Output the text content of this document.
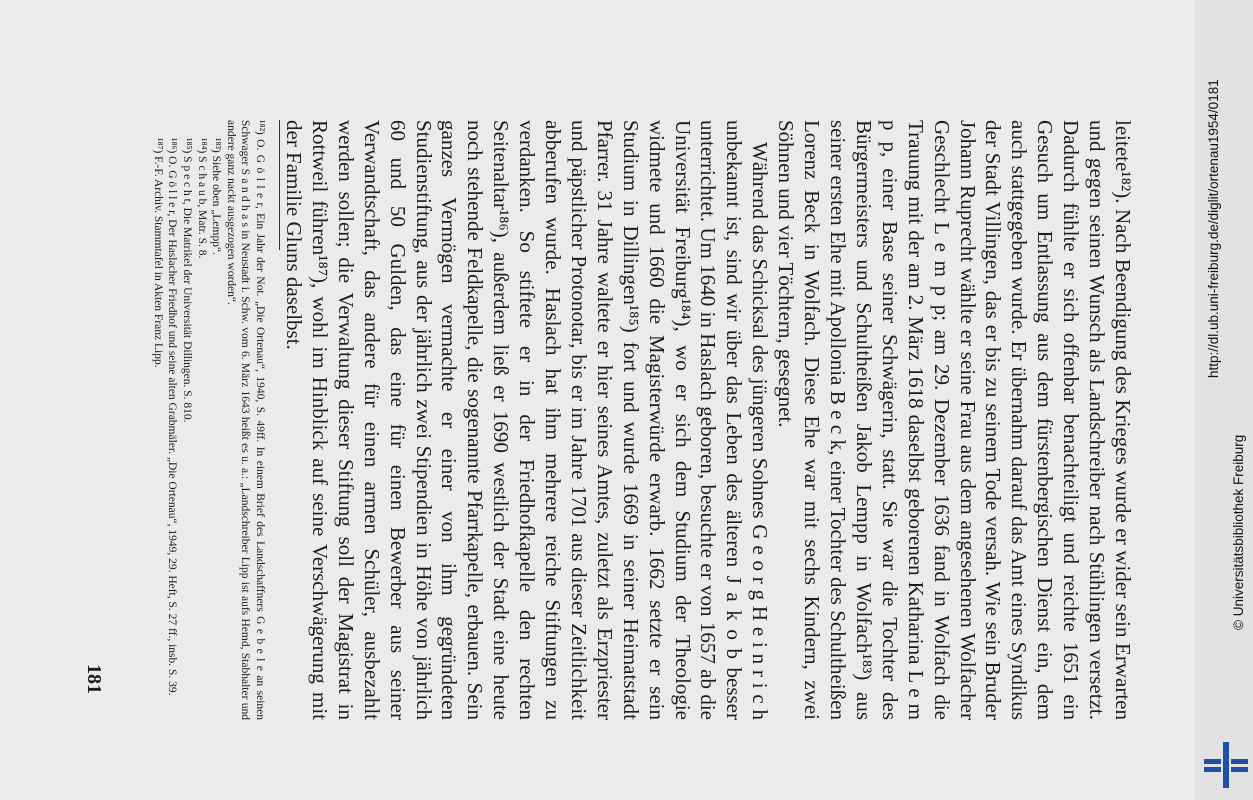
leitete¹⁸²). Nach Beendigung des Krieges wurde er wider sein Erwarten und gegen seinen Wunsch als Landschreiber nach Stühlingen versetzt. Dadurch fühlte er sich offenbar benachteiligt und reichte 1651 ein Gesuch um Entlassung aus dem fürstenbergischen Dienst ein, dem auch stattgegeben wurde. Er übernahm darauf das Amt eines Syndikus der Stadt Villingen, das er bis zu seinem Tode versah. Wie sein Bruder Johann Ruprecht wählte er seine Frau aus dem angesehenen Wolfacher Geschlecht L e m p p; am 29. Dezember 1636 fand in Wolfach die Trauung mit der am 2. März 1618 daselbst geborenen Katharina L e m p p, einer Base seiner Schwägerin, statt. Sie war die Tochter des Bürgermeisters und Schultheißen Jakob Lempp in Wolfach¹⁸³) aus seiner ersten Ehe mit Apollonia B e c k, einer Tochter des Schultheißen Lorenz Beck in Wolfach. Diese Ehe war mit sechs Kindern, zwei Söhnen und vier Töchtern, gesegnet.

Während das Schicksal des jüngeren Sohnes G e o r g H e i n r i c h unbekannt ist, sind wir über das Leben des älteren J a k o b besser unterrichtet. Um 1640 in Haslach geboren, besuchte er von 1657 ab die Universität Freiburg¹⁸⁴), wo er sich dem Studium der Theologie widmete und 1660 die Magisterwürde erwarb. 1662 setzte er sein Studium in Dillingen¹⁸⁵) fort und wurde 1669 in seiner Heimatstadt Pfarrer. 31 Jahre waltete er hier seines Amtes, zuletzt als Erzpriester und päpstlicher Protonotar, bis er im Jahre 1701 aus dieser Zeitlichkeit abberufen wurde. Haslach hat ihm mehrere reiche Stiftungen zu verdanken. So stiftete er in der Friedhofkapelle den rechten Seitenaltar¹⁸⁶), außerdem ließ er 1690 westlich der Stadt eine heute noch stehende Feldkapelle, die sogenannte Pfarrkapelle, erbauen. Sein ganzes Vermögen vermachte er einer von ihm gegründeten Studienstiftung, aus der jährlich zwei Stipendien in Höhe von jährlich 60 und 50 Gulden, das eine für einen Bewerber aus seiner Verwandtschaft, das andere für einen armen Schüler, ausbezahlt werden sollen; die Verwaltung dieser Stiftung soll der Magistrat in Rottweil führen¹⁸⁷), wohl im Hinblick auf seine Verschwägerung mit der Familie Gluns daselbst.

¹⁸²) O. G ö l l e r, Ein Jahr der Not. „Die Ortenau“, 1940, S. 49ff. In einem Brief des Landschaffners G e b e l e an seinen Schwager S a n d h a s in Neustadt i. Schw. vom 6. März 1643 heißt es u. a.: „Landschreiber Lipp ist aufs Hemd, Stabhalter und andere ganz nackt ausgezogen worden“.

¹⁸³) Siehe oben „Lempp“.

¹⁸⁴) S c h a u b, Matr. S. 8.

¹⁸⁵) S p e c h t, Die Matrikel der Universität Dillingen. S. 810.

¹⁸⁶) O. G ö l l e r, Der Haslacher Friedhof und seine alten Grabmäler. „Die Ortenau“, 1949, 29. Heft, S. 27 ff., insb. S. 39.

¹⁸⁷) F.-F. Archiv. Stammtafel in Akten Franz Lipp.

181
http://dl.ub.uni-freiburg.de/diglit/ortenau1954/0181
© Universitätsbibliothek Freiburg
